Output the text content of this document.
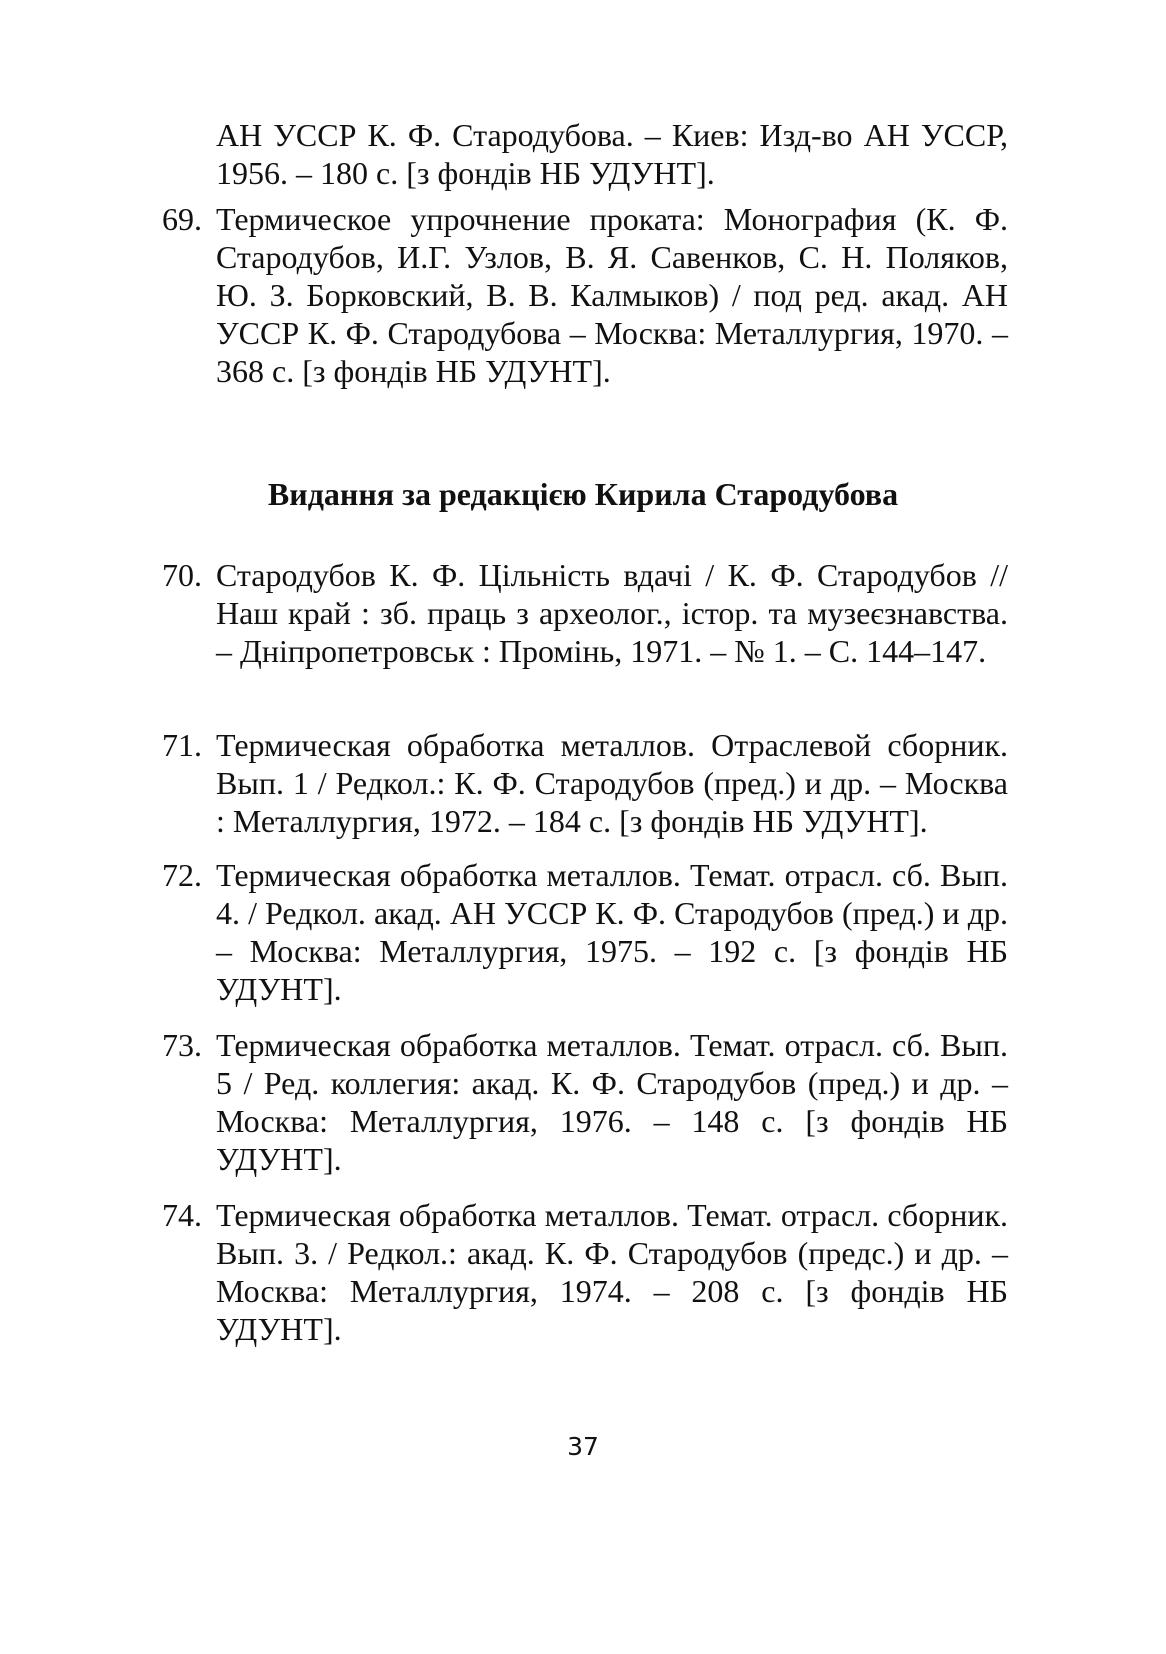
АН УССР К. Ф. Стародубова. – Киев: Изд-во АН УССР, 1956. – 180 с. [з фондів НБ УДУНТ].
69. Термическое упрочнение проката: Монография (К. Ф. Стародубов, И.Г. Узлов, В. Я. Савенков, С. Н. Поляков, Ю. З. Борковский, В. В. Калмыков) / под ред. акад. АН УССР К. Ф. Стародубова – Москва: Металлургия, 1970. – 368 с. [з фондів НБ УДУНТ].
Видання за редакцією Кирила Стародубова
70. Стародубов К. Ф. Цільність вдачі / К. Ф. Стародубов // Наш край : зб. праць з археолог., істор. та музеєзнавства. – Дніпропетровськ : Промінь, 1971. – № 1. – С. 144–147.
71. Термическая обработка металлов. Отраслевой сборник. Вып. 1 / Редкол.: К. Ф. Стародубов (пред.) и др. – Москва : Металлургия, 1972. – 184 с. [з фондів НБ УДУНТ].
72. Термическая обработка металлов. Темат. отрасл. сб. Вып. 4. / Редкол. акад. АН УССР К. Ф. Стародубов (пред.) и др. – Москва: Металлургия, 1975. – 192 с. [з фондів НБ УДУНТ].
73. Термическая обработка металлов. Темат. отрасл. сб. Вып. 5 / Ред. коллегия: акад. К. Ф. Стародубов (пред.) и др. – Москва: Металлургия, 1976. – 148 с. [з фондів НБ УДУНТ].
74. Термическая обработка металлов. Темат. отрасл. сборник. Вып. 3. / Редкол.: акад. К. Ф. Стародубов (предс.) и др. – Москва: Металлургия, 1974. – 208 с. [з фондів НБ УДУНТ].
37
